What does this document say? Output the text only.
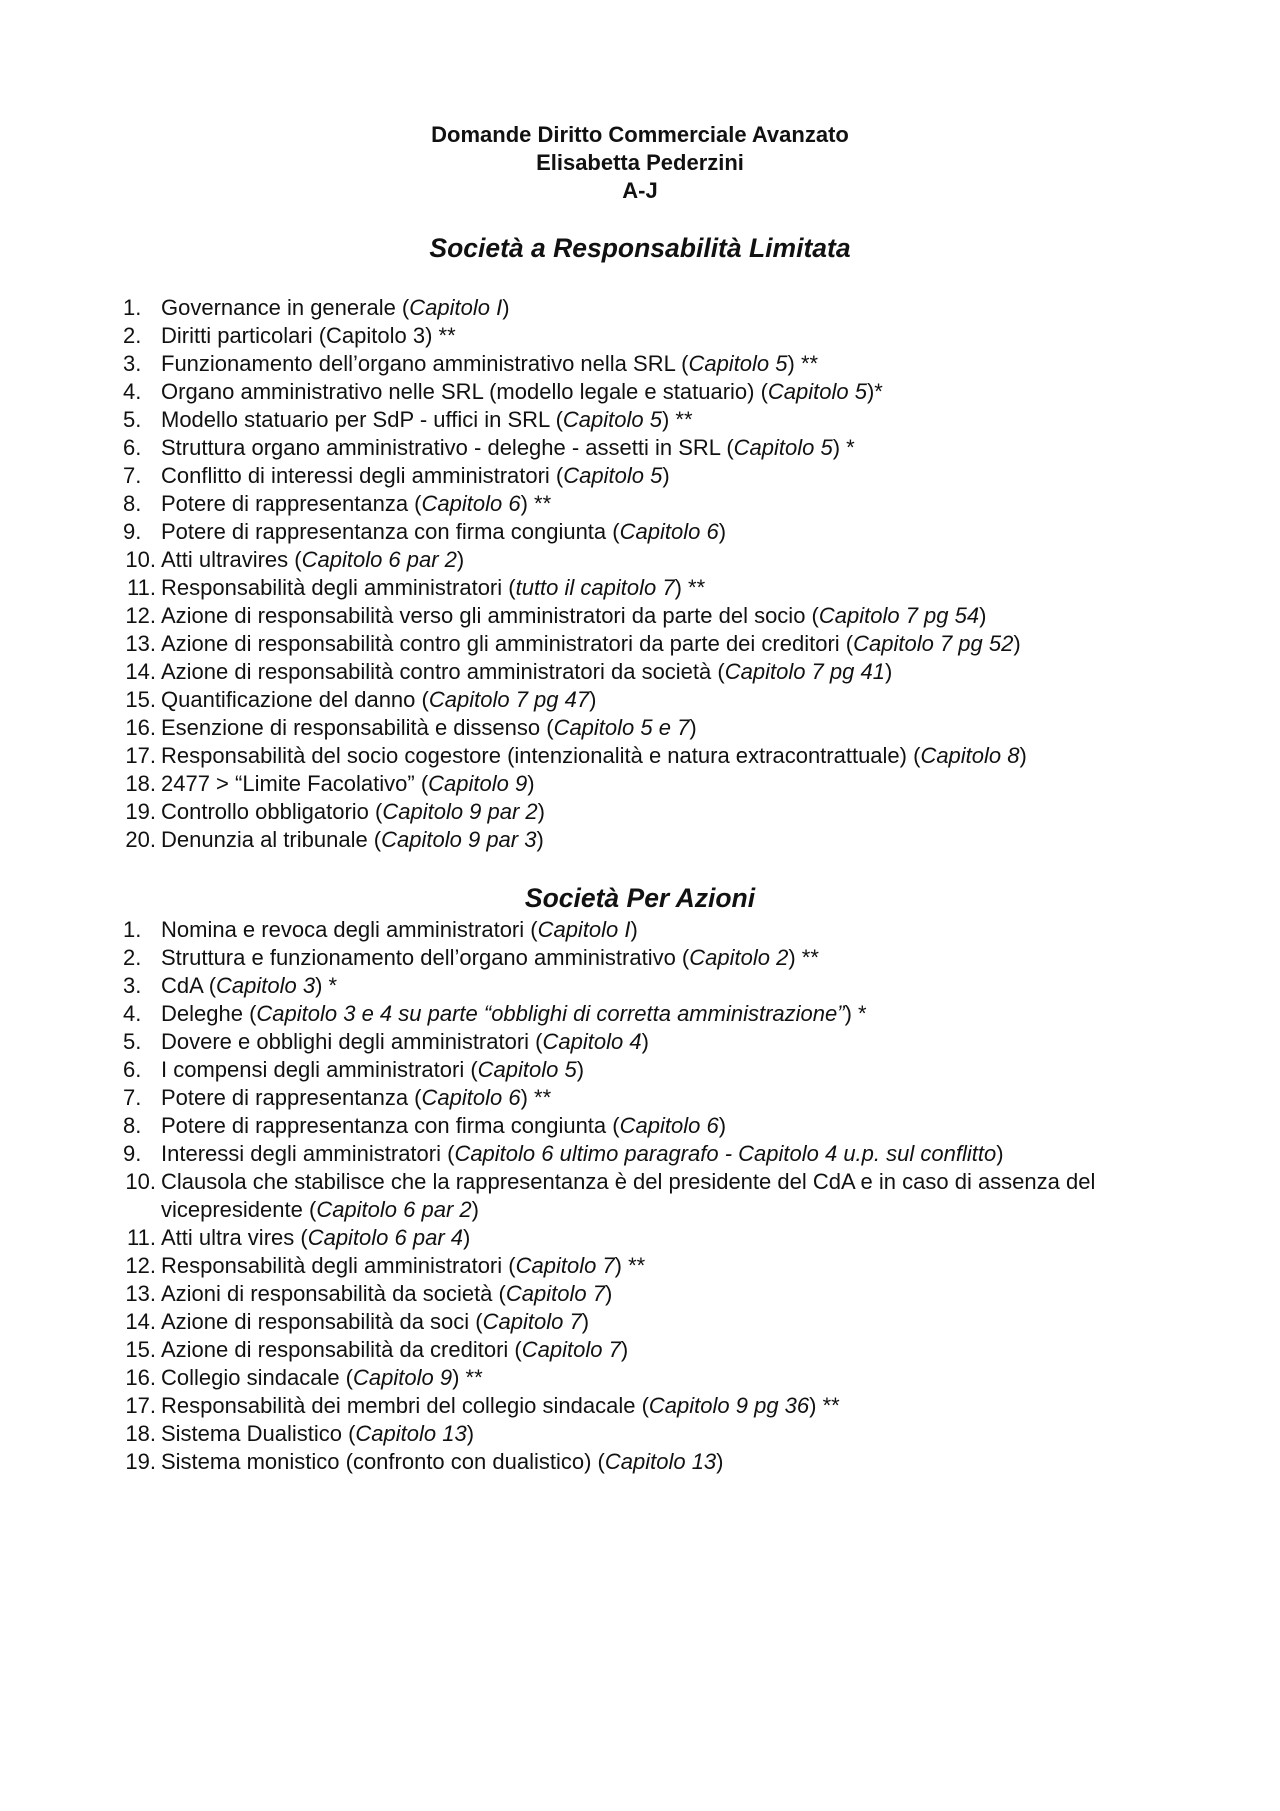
Domande Diritto Commerciale Avanzato
Elisabetta Pederzini
A-J
Società a Responsabilità Limitata
1. Governance in generale (Capitolo I)
2. Diritti particolari (Capitolo 3) **
3. Funzionamento dell’organo amministrativo nella SRL (Capitolo 5) **
4. Organo amministrativo nelle SRL (modello legale e statuario) (Capitolo 5)*
5. Modello statuario per SdP - uffici in SRL (Capitolo 5) **
6. Struttura organo amministrativo - deleghe - assetti in SRL (Capitolo 5) *
7. Conflitto di interessi degli amministratori (Capitolo 5)
8. Potere di rappresentanza (Capitolo 6) **
9. Potere di rappresentanza con firma congiunta (Capitolo 6)
10. Atti ultravires (Capitolo 6 par 2)
11. Responsabilità degli amministratori (tutto il capitolo 7) **
12. Azione di responsabilità verso gli amministratori da parte del socio (Capitolo 7 pg 54)
13. Azione di responsabilità contro gli amministratori da parte dei creditori (Capitolo 7 pg 52)
14. Azione di responsabilità contro amministratori da società (Capitolo 7 pg 41)
15. Quantificazione del danno (Capitolo 7 pg 47)
16. Esenzione di responsabilità e dissenso (Capitolo 5 e 7)
17. Responsabilità del socio cogestore (intenzionalità e natura extracontrattuale) (Capitolo 8)
18. 2477 > “Limite Facolativo” (Capitolo 9)
19. Controllo obbligatorio (Capitolo 9 par 2)
20. Denunzia al tribunale (Capitolo 9 par 3)
Società Per Azioni
1. Nomina e revoca degli amministratori (Capitolo I)
2. Struttura e funzionamento dell’organo amministrativo (Capitolo 2) **
3. CdA (Capitolo 3) *
4. Deleghe (Capitolo 3 e 4 su parte “obblighi di corretta amministrazione”) *
5. Dovere e obblighi degli amministratori (Capitolo 4)
6. I compensi degli amministratori (Capitolo 5)
7. Potere di rappresentanza (Capitolo 6) **
8. Potere di rappresentanza con firma congiunta (Capitolo 6)
9. Interessi degli amministratori (Capitolo 6 ultimo paragrafo - Capitolo 4 u.p. sul conflitto)
10. Clausola che stabilisce che la rappresentanza è del presidente del CdA e in caso di assenza del vicepresidente (Capitolo 6 par 2)
11. Atti ultra vires (Capitolo 6 par 4)
12. Responsabilità degli amministratori (Capitolo 7) **
13. Azioni di responsabilità da società (Capitolo 7)
14. Azione di responsabilità da soci (Capitolo 7)
15. Azione di responsabilità da creditori (Capitolo 7)
16. Collegio sindacale (Capitolo 9) **
17. Responsabilità dei membri del collegio sindacale (Capitolo 9 pg 36) **
18. Sistema Dualistico (Capitolo 13)
19. Sistema monistico (confronto con dualistico) (Capitolo 13)
